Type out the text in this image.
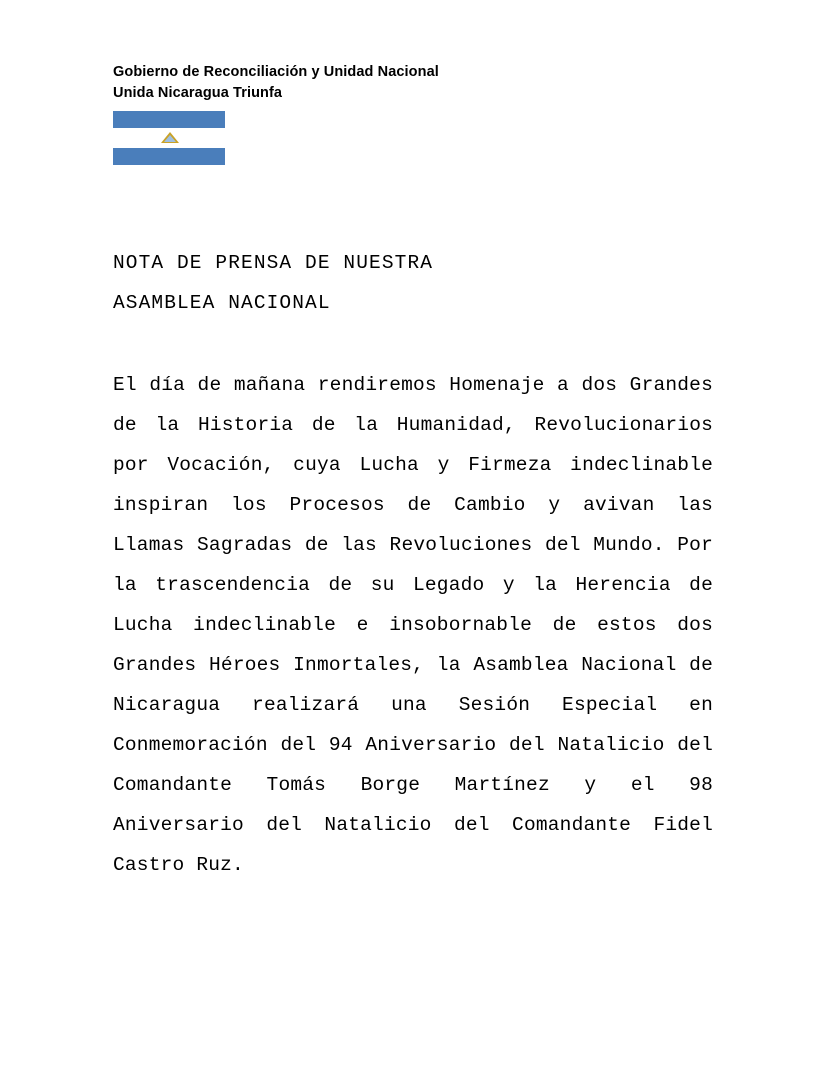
Gobierno de Reconciliación y Unidad Nacional
Unida Nicaragua Triunfa
NOTA DE PRENSA DE NUESTRA
ASAMBLEA NACIONAL
El día de mañana rendiremos Homenaje a dos Grandes de la Historia de la Humanidad, Revolucionarios por Vocación, cuya Lucha y Firmeza indeclinable inspiran los Procesos de Cambio y avivan las Llamas Sagradas de las Revoluciones del Mundo. Por la trascendencia de su Legado y la Herencia de Lucha indeclinable e insobornable de estos dos Grandes Héroes Inmortales, la Asamblea Nacional de Nicaragua realizará una Sesión Especial en Conmemoración del 94 Aniversario del Natalicio del Comandante Tomás Borge Martínez y el 98 Aniversario del Natalicio del Comandante Fidel Castro Ruz.
